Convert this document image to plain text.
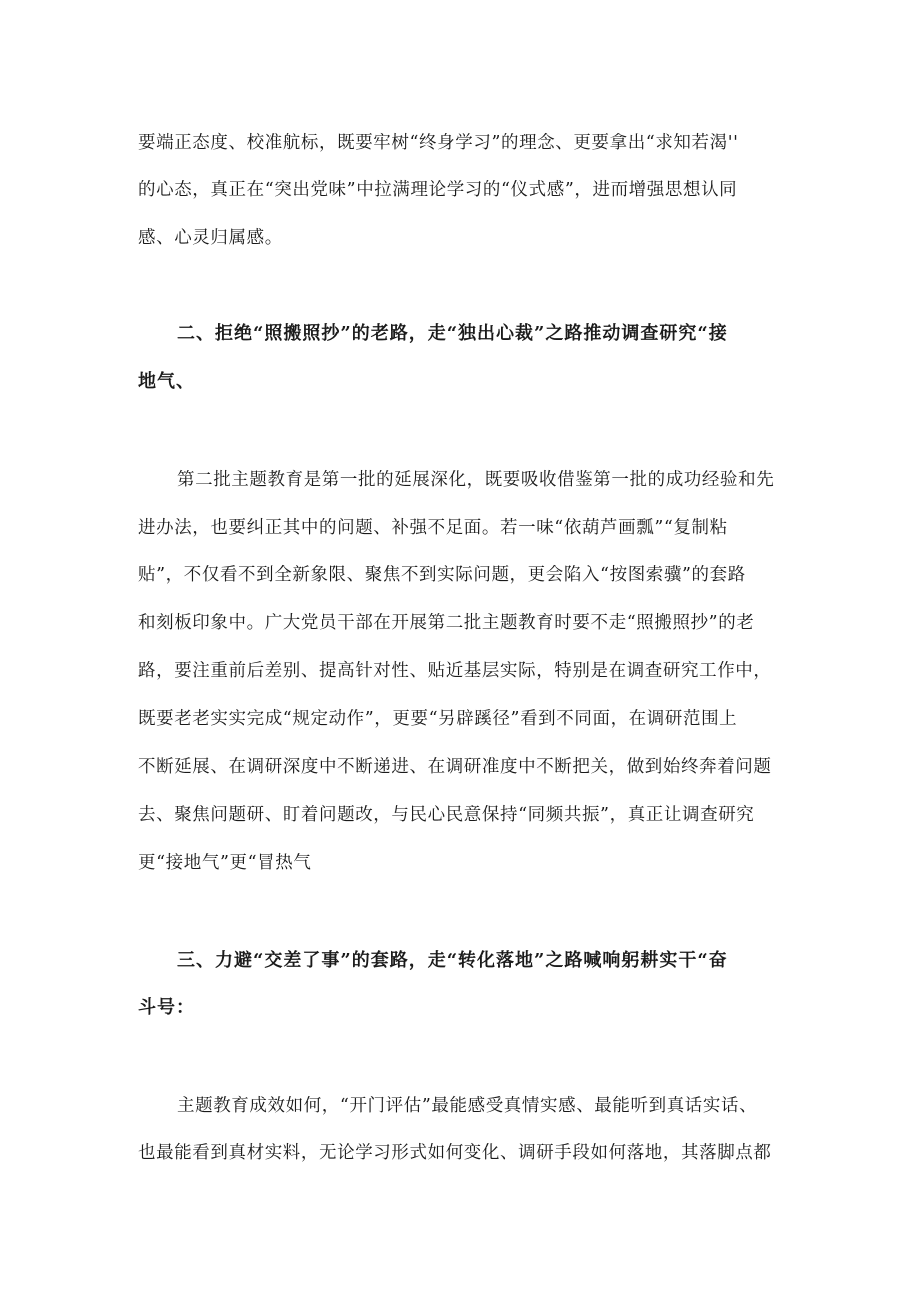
要端正态度、校准航标，既要牢树“终身学习”的理念、更要拿出“求知若渴''
的心态，真正在“突出党味”中拉满理论学习的“仪式感”，进而增强思想认同
感、心灵归属感。
二、拒绝“照搬照抄”的老路，走“独出心裁”之路推动调查研究“接
地气、
第二批主题教育是第一批的延展深化，既要吸收借鉴第一批的成功经验和先
进办法，也要纠正其中的问题、补强不足面。若一味“依葫芦画瓢”“复制粘
贴”，不仅看不到全新象限、聚焦不到实际问题，更会陷入“按图索骥”的套路
和刻板印象中。广大党员干部在开展第二批主题教育时要不走“照搬照抄”的老
路，要注重前后差别、提高针对性、贴近基层实际，特别是在调查研究工作中，
既要老老实实完成“规定动作”，更要“另辟蹊径”看到不同面，在调研范围上
不断延展、在调研深度中不断递进、在调研准度中不断把关，做到始终奔着问题
去、聚焦问题研、盯着问题改，与民心民意保持“同频共振”，真正让调查研究
更“接地气”更“冒热气
三、力避“交差了事”的套路，走“转化落地”之路喊响躬耕实干“奋
斗号：
主题教育成效如何，“开门评估”最能感受真情实感、最能听到真话实话、
也最能看到真材实料，无论学习形式如何变化、调研手段如何落地，其落脚点都
